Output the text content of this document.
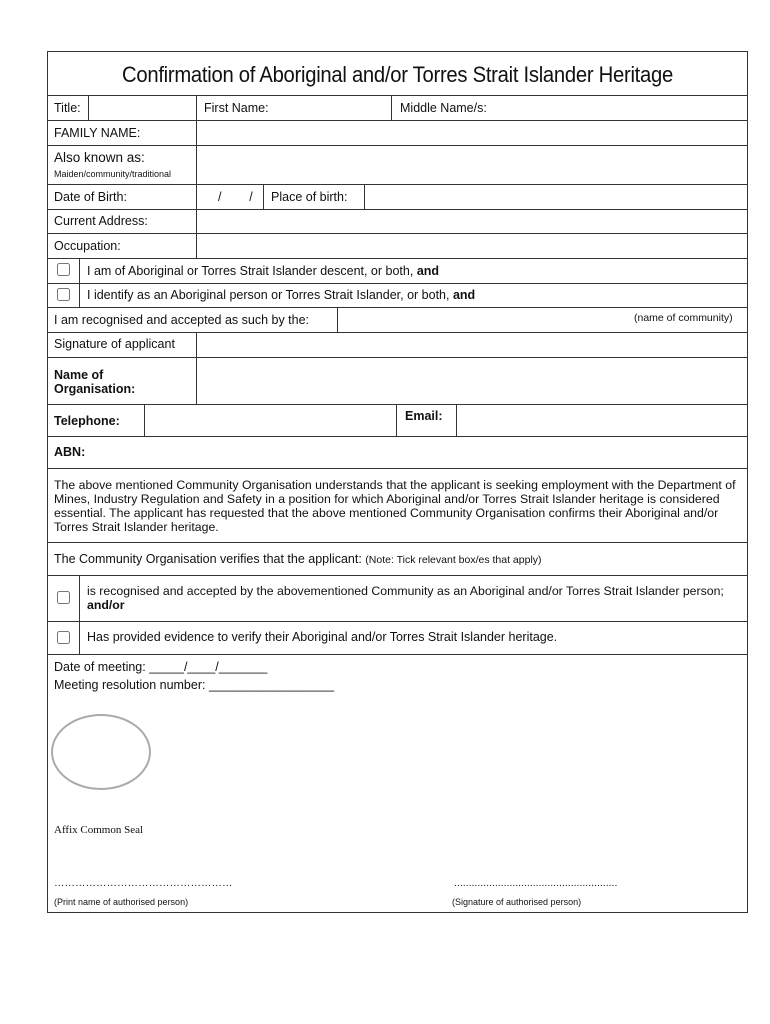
Confirmation of Aboriginal and/or Torres Strait Islander Heritage
Title:	First Name:	Middle Name/s:
FAMILY NAME:
Also known as:
Maiden/community/traditional
Date of Birth:	/        / Place of birth:
Current Address:
Occupation:
I am of Aboriginal or Torres Strait Islander descent, or both, and
I identify as an Aboriginal person or Torres Strait Islander, or both, and
I am recognised and accepted as such by the:	(name of community)
Signature of applicant
Name of
Organisation:
Telephone:	Email:
ABN:
The above mentioned Community Organisation understands that the applicant is seeking employment with the Department of Mines, Industry Regulation and Safety in a position for which Aboriginal and/or Torres Strait Islander heritage is considered essential. The applicant has requested that the above mentioned Community Organisation confirms their Aboriginal and/or Torres Strait Islander heritage.
The Community Organisation verifies that the applicant: (Note: Tick relevant box/es that apply)
is recognised and accepted by the abovementioned Community as an Aboriginal and/or Torres Strait Islander person;  and/or
Has provided evidence to verify their Aboriginal and/or Torres Strait Islander heritage.
Date of meeting: _____/____/_______
Meeting resolution number: __________________
Affix Common Seal
……………………………………………
(Print name of authorised person)
........................................................
(Signature of authorised person)
